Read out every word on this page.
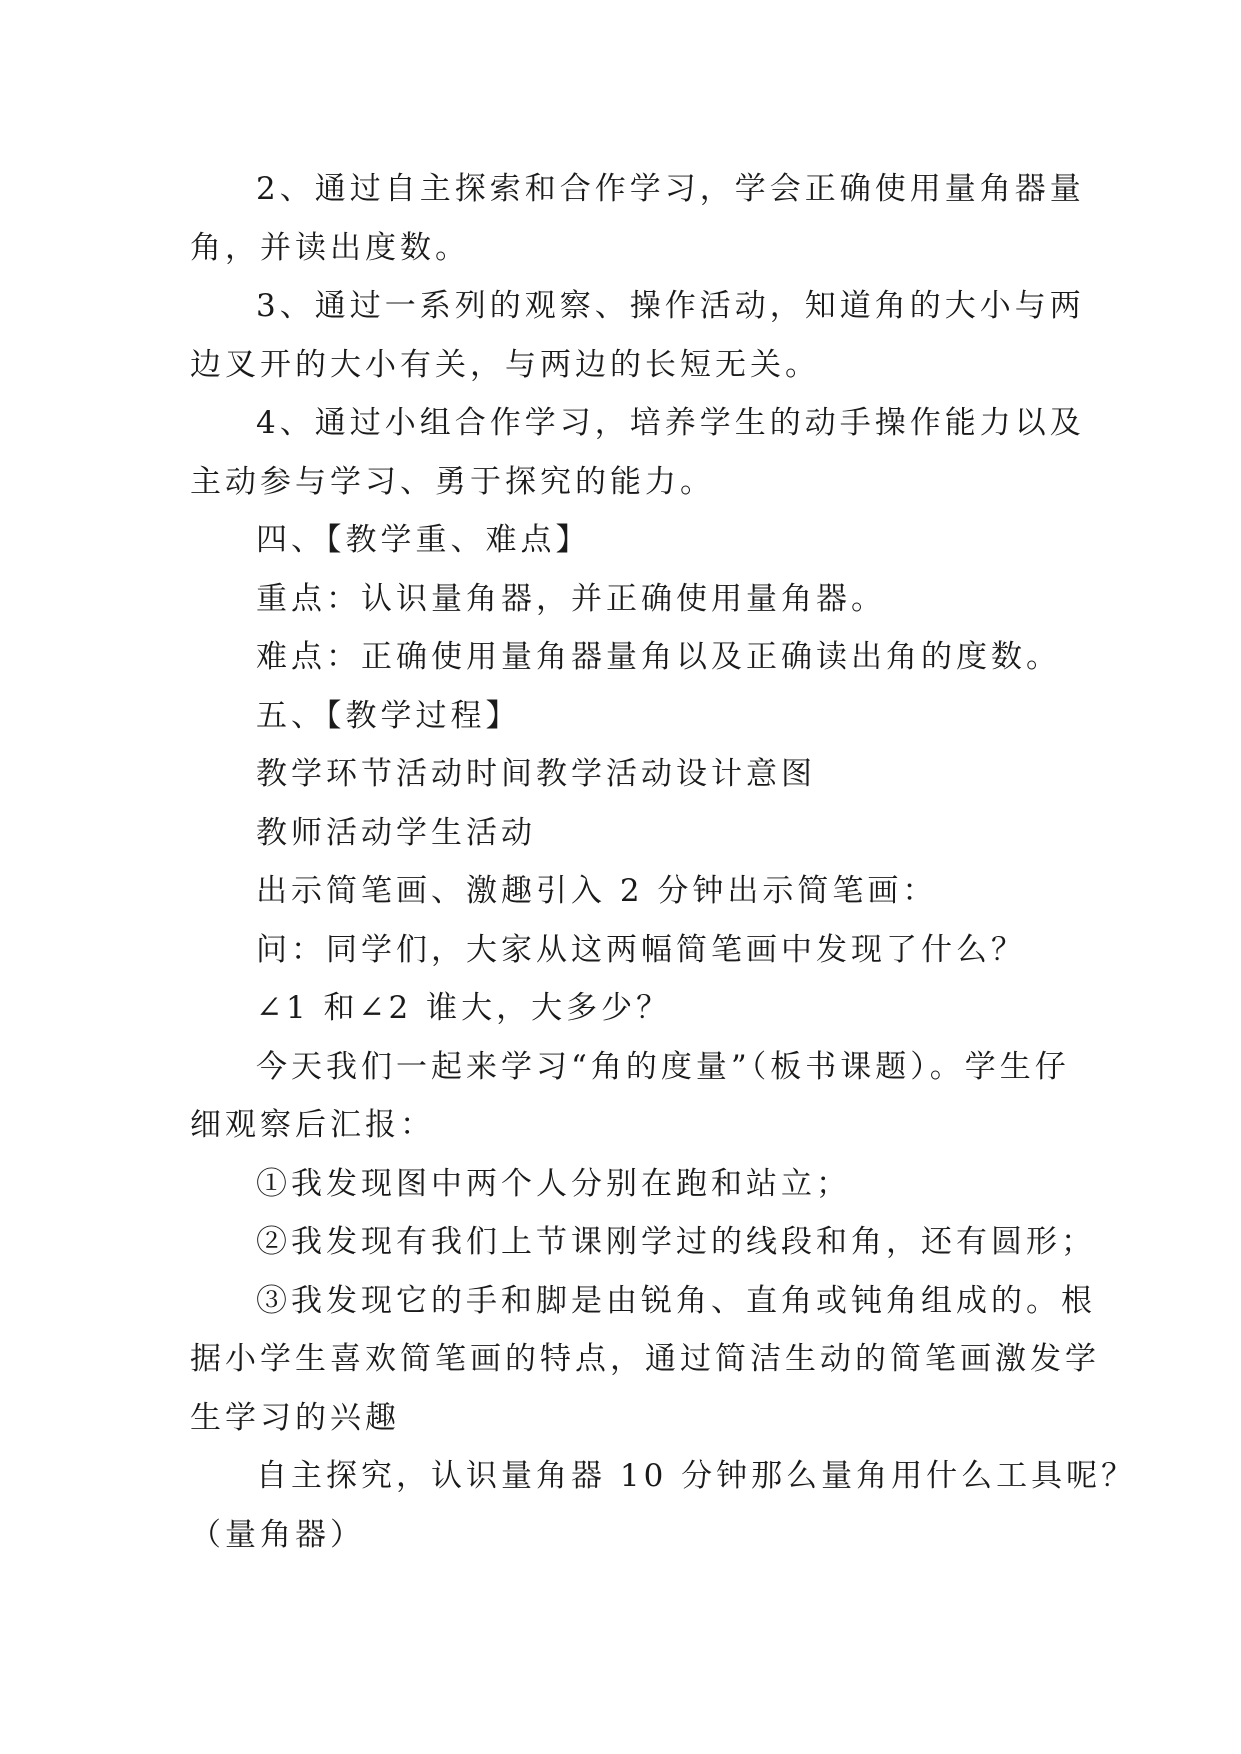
2、通过自主探索和合作学习，学会正确使用量角器量
角，并读出度数。
3、通过一系列的观察、操作活动，知道角的大小与两
边叉开的大小有关，与两边的长短无关。
4、通过小组合作学习，培养学生的动手操作能力以及
主动参与学习、勇于探究的能力。
四、【教学重、难点】
重点：认识量角器，并正确使用量角器。
难点：正确使用量角器量角以及正确读出角的度数。
五、【教学过程】
教学环节活动时间教学活动设计意图
教师活动学生活动
出示简笔画、激趣引入 2 分钟出示简笔画：
问：同学们，大家从这两幅简笔画中发现了什么？
∠1 和∠2 谁大，大多少？
今天我们一起来学习“角的度量”（板书课题）。学生仔
细观察后汇报：
①我发现图中两个人分别在跑和站立；
②我发现有我们上节课刚学过的线段和角，还有圆形；
③我发现它的手和脚是由锐角、直角或钝角组成的。根
据小学生喜欢简笔画的特点，通过简洁生动的简笔画激发学
生学习的兴趣
自主探究，认识量角器 10 分钟那么量角用什么工具呢？
（量角器）
